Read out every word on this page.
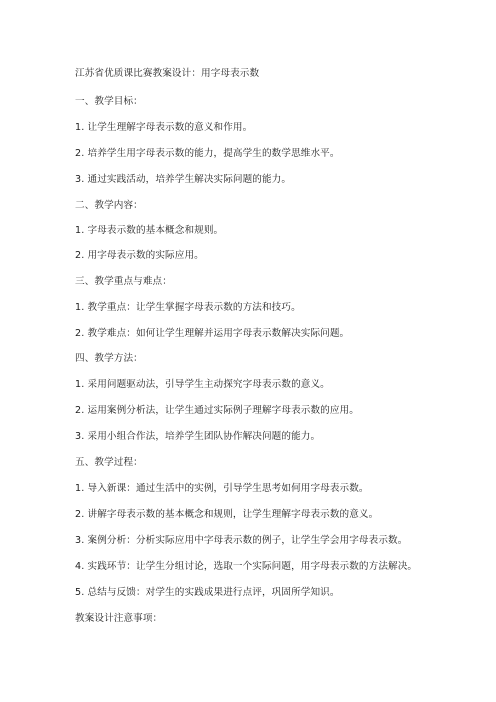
江苏省优质课比赛教案设计：用字母表示数
一、教学目标：
1. 让学生理解字母表示数的意义和作用。
2. 培养学生用字母表示数的能力，提高学生的数学思维水平。
3. 通过实践活动，培养学生解决实际问题的能力。
二、教学内容：
1. 字母表示数的基本概念和规则。
2. 用字母表示数的实际应用。
三、教学重点与难点：
1. 教学重点：让学生掌握字母表示数的方法和技巧。
2. 教学难点：如何让学生理解并运用字母表示数解决实际问题。
四、教学方法：
1. 采用问题驱动法，引导学生主动探究字母表示数的意义。
2. 运用案例分析法，让学生通过实际例子理解字母表示数的应用。
3. 采用小组合作法，培养学生团队协作解决问题的能力。
五、教学过程：
1. 导入新课：通过生活中的实例，引导学生思考如何用字母表示数。
2. 讲解字母表示数的基本概念和规则，让学生理解字母表示数的意义。
3. 案例分析：分析实际应用中字母表示数的例子，让学生学会用字母表示数。
4. 实践环节：让学生分组讨论，选取一个实际问题，用字母表示数的方法解决。
5. 总结与反馈：对学生的实践成果进行点评，巩固所学知识。
教案设计注意事项：
